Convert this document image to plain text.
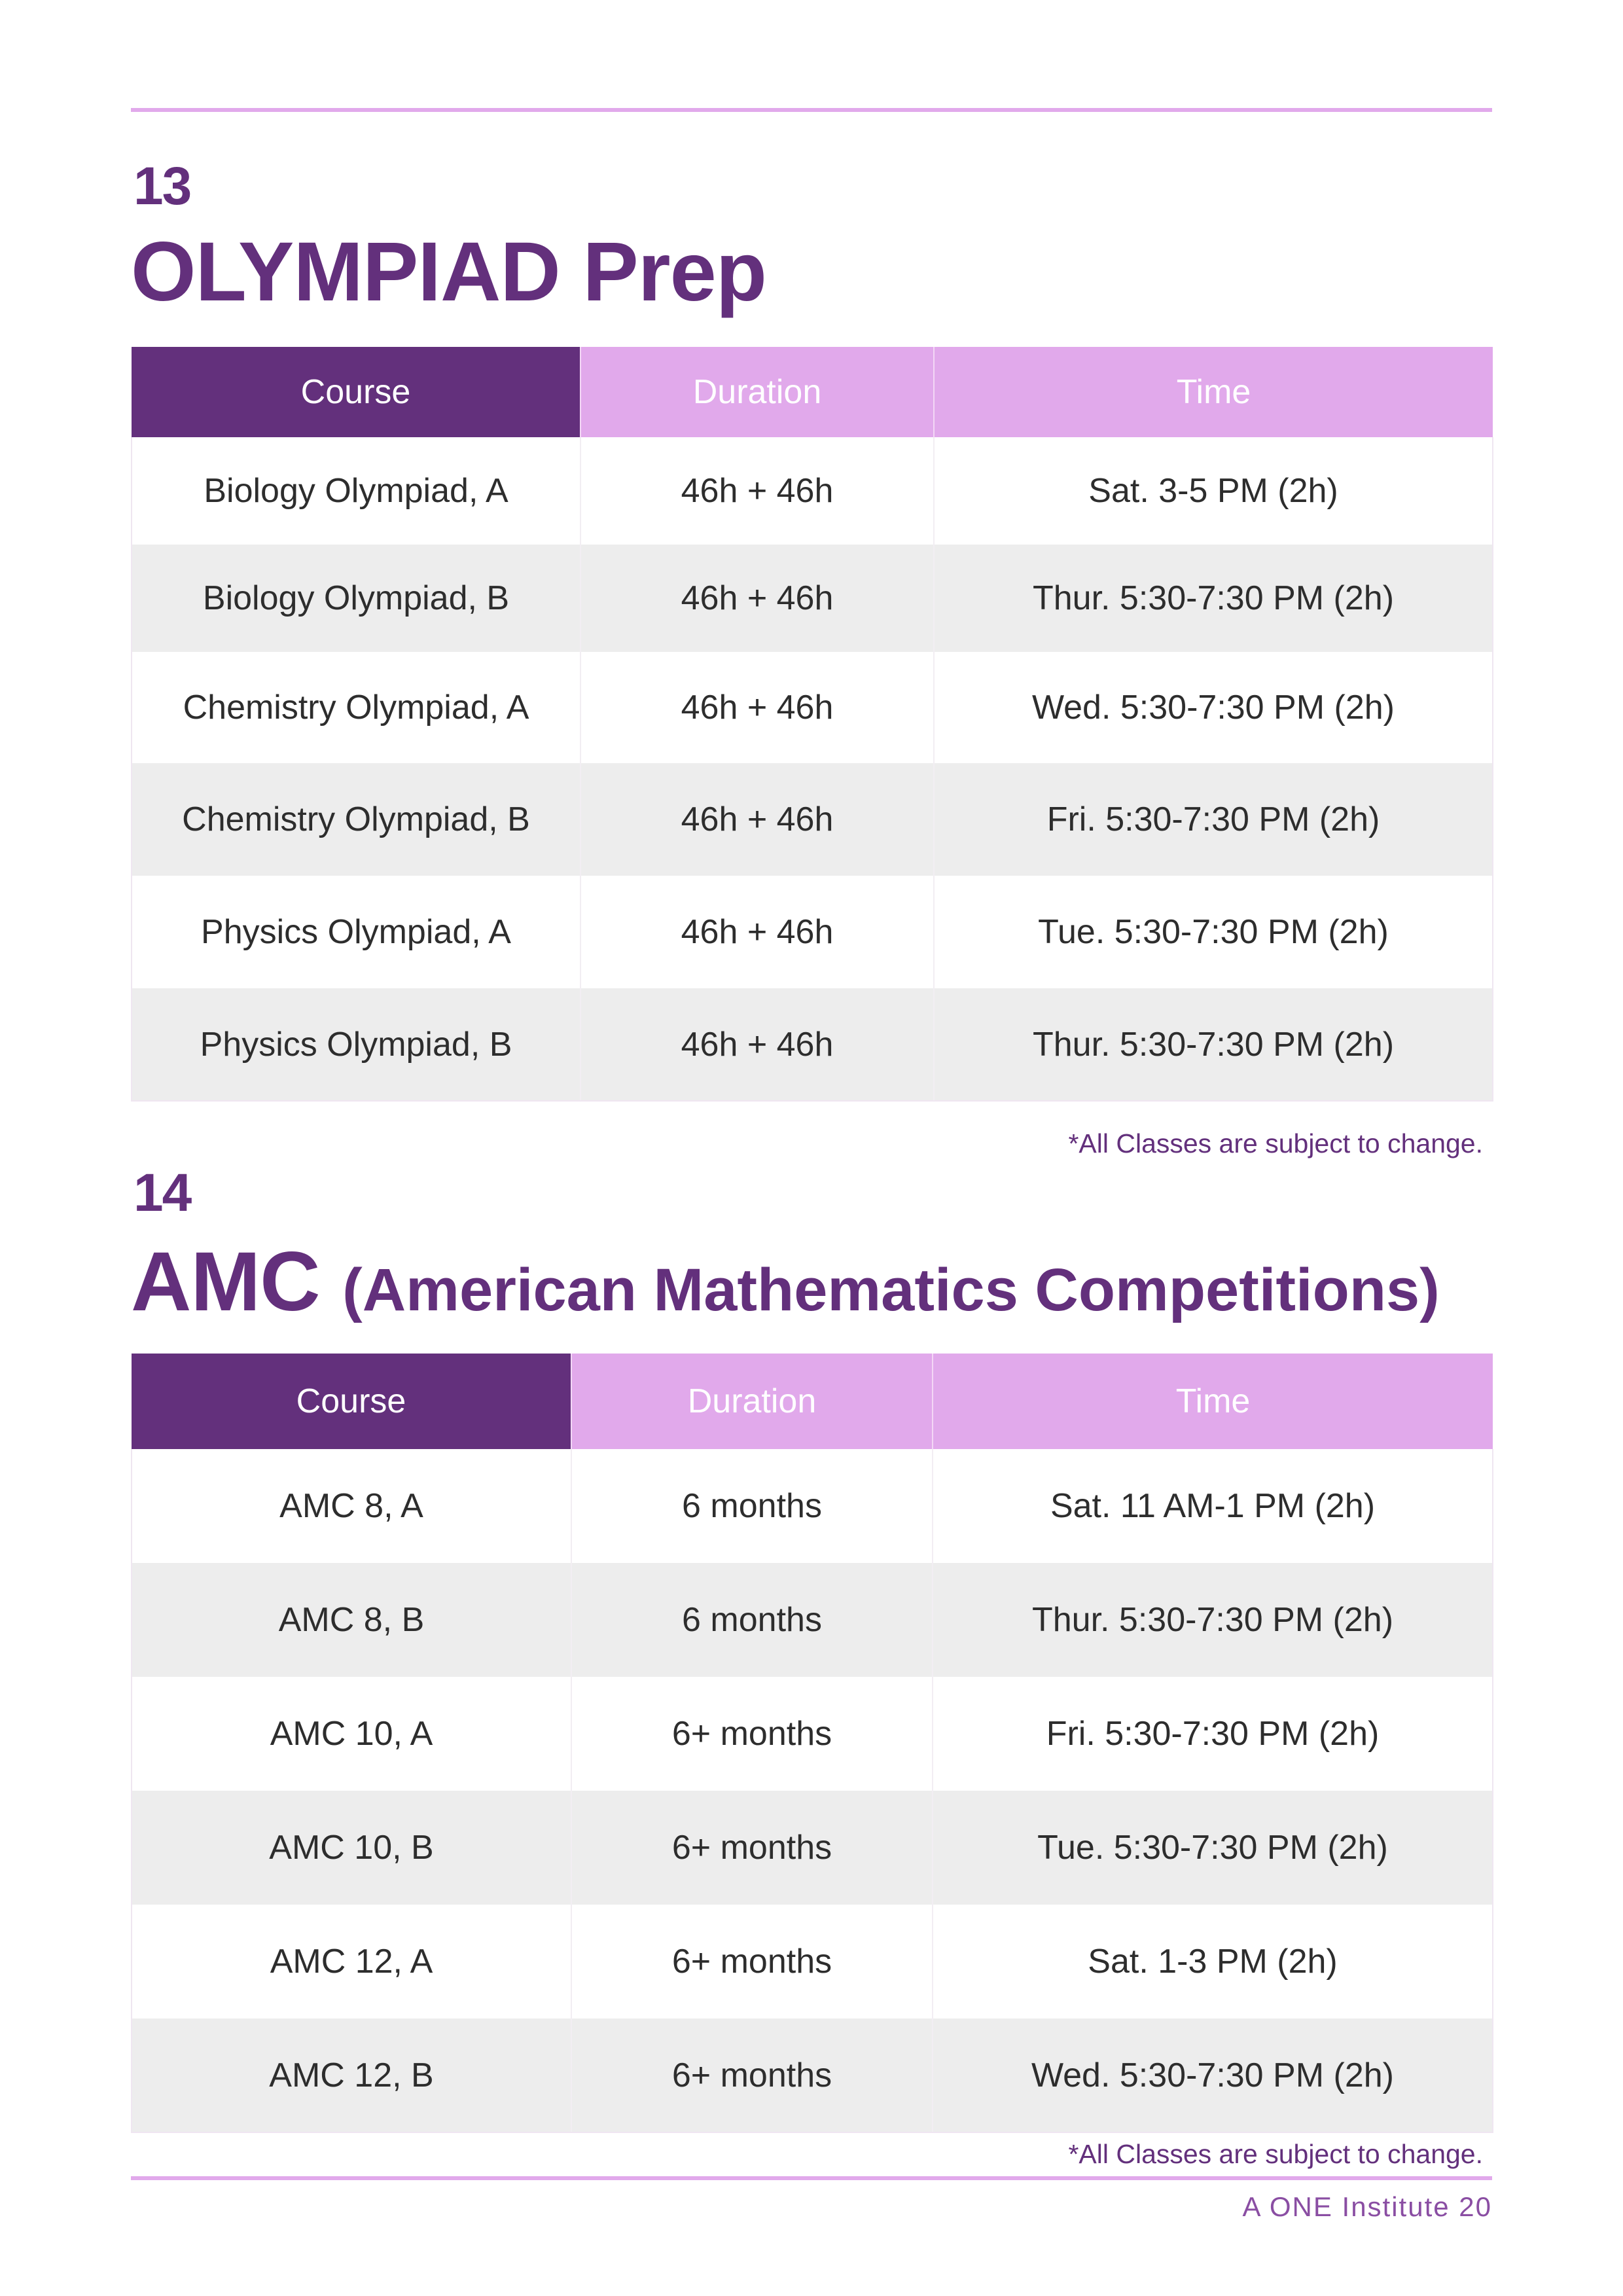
13
OLYMPIAD Prep
Course	Duration	Time
Biology Olympiad, A	46h + 46h	Sat. 3-5 PM (2h)
Biology Olympiad, B	46h + 46h	Thur. 5:30-7:30 PM (2h)
Chemistry Olympiad, A	46h + 46h	Wed. 5:30-7:30 PM (2h)
Chemistry Olympiad, B	46h + 46h	Fri. 5:30-7:30 PM (2h)
Physics Olympiad, A	46h + 46h	Tue. 5:30-7:30 PM (2h)
Physics Olympiad, B	46h + 46h	Thur. 5:30-7:30 PM (2h)
*All Classes are subject to change.
14
AMC (American Mathematics Competitions)
Course	Duration	Time
AMC 8, A	6 months	Sat. 11 AM-1 PM (2h)
AMC 8, B	6 months	Thur. 5:30-7:30 PM (2h)
AMC 10, A	6+ months	Fri. 5:30-7:30 PM (2h)
AMC 10, B	6+ months	Tue. 5:30-7:30 PM (2h)
AMC 12, A	6+ months	Sat. 1-3 PM (2h)
AMC 12, B	6+ months	Wed. 5:30-7:30 PM (2h)
*All Classes are subject to change.
A ONE Institute 20
